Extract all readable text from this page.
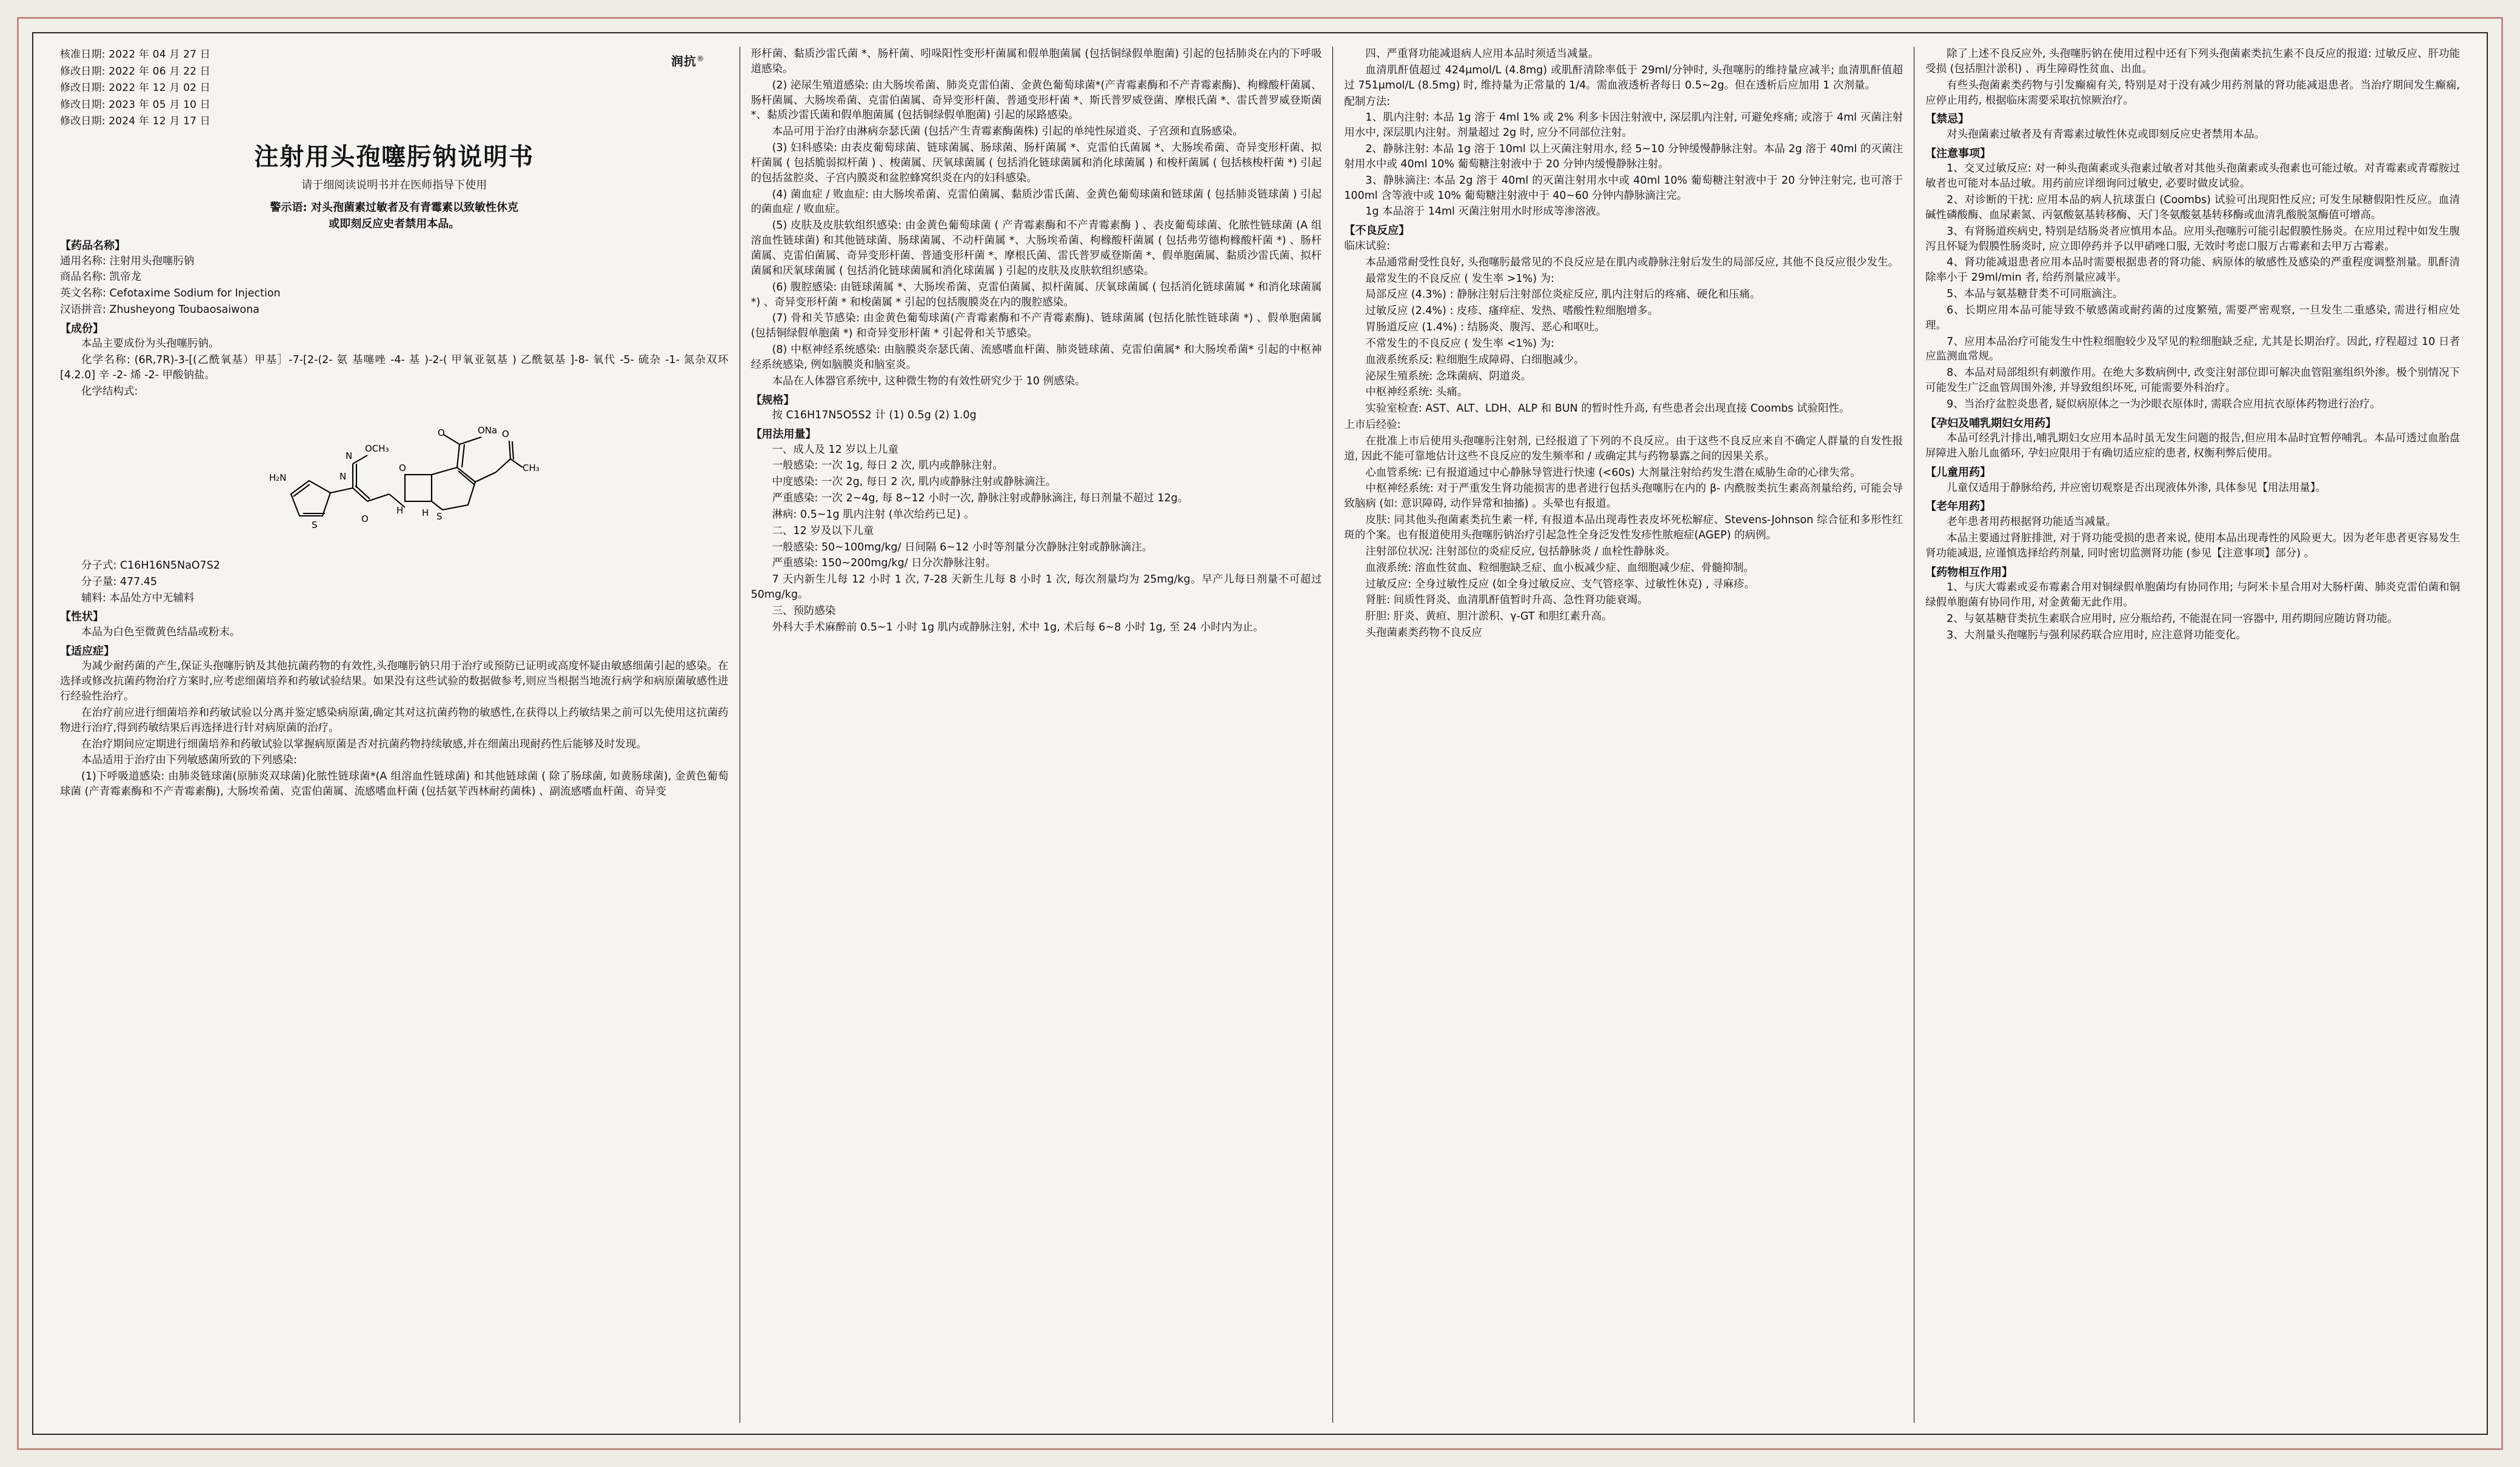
核准日期: 2022 年 04 月 27 日
修改日期: 2022 年 06 月 22 日
修改日期: 2022 年 12 月 02 日
修改日期: 2023 年 05 月 10 日
修改日期: 2024 年 12 月 17 日
润抗®
注射用头孢噻肟钠说明书
请于细阅读说明书并在医师指导下使用
警示语: 对头孢菌素过敏者及有青霉素以致敏性休克
或即刻反应史者禁用本品。
【药品名称】

通用名称: 注射用头孢噻肟钠

商品名称: 凯帝龙

英文名称: Cefotaxime Sodium for Injection

汉语拼音: Zhusheyong Toubaosaiwona

【成份】

本品主要成份为头孢噻肟钠。

化学名称: (6R,7R)-3-[(乙酰氧基）甲基］-7-[2-(2- 氨 基噻唑 -4- 基 )-2-( 甲氧亚氨基 ) 乙酰氨基 ]-8- 氧代 -5- 硫杂 -1- 氮杂双环 [4.2.0] 辛 -2- 烯 -2- 甲酸钠盐。

化学结构式:

H₂N
S
N
O
N
OCH₃
H H
O
S
O	ONa O
CH₃

分子式: C16H16N5NaO7S2

分子量: 477.45

辅料: 本品处方中无辅料

【性状】

本品为白色至微黄色结晶或粉末。

【适应症】

为减少耐药菌的产生,保证头孢噻肟钠及其他抗菌药物的有效性,头孢噻肟钠只用于治疗或预防已证明或高度怀疑由敏感细菌引起的感染。在选择或修改抗菌药物治疗方案时,应考虑细菌培养和药敏试验结果。如果没有这些试验的数据做参考,则应当根据当地流行病学和病原菌敏感性进行经验性治疗。

在治疗前应进行细菌培养和药敏试验以分离并鉴定感染病原菌,确定其对这抗菌药物的敏感性,在获得以上药敏结果之前可以先使用这抗菌药物进行治疗,得到药敏结果后再选择进行针对病原菌的治疗。

在治疗期间应定期进行细菌培养和药敏试验以掌握病原菌是否对抗菌药物持续敏感,并在细菌出现耐药性后能够及时发现。

本品适用于治疗由下列敏感菌所致的下列感染:

(1)下呼吸道感染: 由肺炎链球菌(原肺炎双球菌)化脓性链球菌*(A 组溶血性链球菌) 和其他链球菌 ( 除了肠球菌, 如黄肠球菌), 金黄色葡萄球菌 (产青霉素酶和不产青霉素酶), 大肠埃希菌、克雷伯菌属、流感嗜血杆菌 (包括氨苄西林耐药菌株) 、副流感嗜血杆菌、奇异变

形杆菌、黏质沙雷氏菌 *、肠杆菌、吲哚阳性变形杆菌属和假单胞菌属 (包括铜绿假单胞菌) 引起的包括肺炎在内的下呼吸道感染。

(2) 泌尿生殖道感染: 由大肠埃希菌、肺炎克雷伯菌、金黄色葡萄球菌*(产青霉素酶和不产青霉素酶)、枸橼酸杆菌属、肠杆菌属、大肠埃希菌、克雷伯菌属、奇异变形杆菌、普通变形杆菌 *、斯氏普罗威登菌、摩根氏菌 *、雷氏普罗威登斯菌 *、黏质沙雷氏菌和假单胞菌属 (包括铜绿假单胞菌) 引起的尿路感染。

本品可用于治疗由淋病奈瑟氏菌 (包括产生青霉素酶菌株) 引起的单纯性尿道炎、子宫颈和直肠感染。

(3) 妇科感染: 由表皮葡萄球菌、链球菌属、肠球菌、肠杆菌属 *、克雷伯氏菌属 *、大肠埃希菌、奇异变形杆菌、拟杆菌属 ( 包括脆弱拟杆菌 ) 、梭菌属、厌氧球菌属 ( 包括消化链球菌属和消化球菌属 ) 和梭杆菌属 ( 包括核梭杆菌 *) 引起的包括盆腔炎、子宫内膜炎和盆腔蜂窝织炎在内的妇科感染。

(4) 菌血症 / 败血症: 由大肠埃希菌、克雷伯菌属、黏质沙雷氏菌、金黄色葡萄球菌和链球菌 ( 包括肺炎链球菌 ) 引起的菌血症 / 败血症。

(5) 皮肤及皮肤软组织感染: 由金黄色葡萄球菌 ( 产青霉素酶和不产青霉素酶 ) 、表皮葡萄球菌、化脓性链球菌 (A 组溶血性链球菌) 和其他链球菌、肠球菌属、不动杆菌属 *、大肠埃希菌、枸橼酸杆菌属 ( 包括弗劳德枸橼酸杆菌 *) 、肠杆菌属、克雷伯菌属、奇异变形杆菌、普通变形杆菌 *、摩根氏菌、雷氏普罗威登斯菌 *、假单胞菌属、黏质沙雷氏菌、拟杆菌属和厌氧球菌属 ( 包括消化链球菌属和消化球菌属 ) 引起的皮肤及皮肤软组织感染。

(6) 腹腔感染: 由链球菌属 *、大肠埃希菌、克雷伯菌属、拟杆菌属、厌氧球菌属 ( 包括消化链球菌属 * 和消化球菌属 *) 、奇异变形杆菌 * 和梭菌属 * 引起的包括腹膜炎在内的腹腔感染。

(7) 骨和关节感染: 由金黄色葡萄球菌(产青霉素酶和不产青霉素酶)、链球菌属 (包括化脓性链球菌 *) 、假单胞菌属 (包括铜绿假单胞菌 *) 和奇异变形杆菌 * 引起骨和关节感染。

(8) 中枢神经系统感染: 由脑膜炎奈瑟氏菌、流感嗜血杆菌、肺炎链球菌、克雷伯菌属* 和大肠埃希菌* 引起的中枢神经系统感染, 例如脑膜炎和脑室炎。

本品在人体器官系统中, 这种微生物的有效性研究少于 10 例感染。

【规格】

按 C16H17N5O5S2 计 (1) 0.5g (2) 1.0g

【用法用量】

一、成人及 12 岁以上儿童

一般感染: 一次 1g, 每日 2 次, 肌内或静脉注射。

中度感染: 一次 2g, 每日 2 次, 肌内或静脉注射或静脉滴注。

严重感染: 一次 2~4g, 每 8~12 小时一次, 静脉注射或静脉滴注, 每日剂量不超过 12g。

淋病: 0.5~1g 肌内注射 (单次给药已足) 。

二、12 岁及以下儿童

一般感染: 50~100mg/kg/ 日间隔 6~12 小时等剂量分次静脉注射或静脉滴注。

严重感染: 150~200mg/kg/ 日分次静脉注射。

7 天内新生儿每 12 小时 1 次, 7-28 天新生儿每 8 小时 1 次, 每次剂量均为 25mg/kg。早产儿每日剂量不可超过 50mg/kg。

三、预防感染

外科大手术麻醉前 0.5~1 小时 1g 肌内或静脉注射, 术中 1g, 术后每 6~8 小时 1g, 至 24 小时内为止。

四、严重肾功能减退病人应用本品时须适当减量。

血清肌酐值超过 424μmol/L (4.8mg) 或肌酐清除率低于 29ml/分钟时, 头孢噻肟的维持量应减半; 血清肌酐值超过 751μmol/L (8.5mg) 时, 维持量为正常量的 1/4。需血液透析者每日 0.5~2g。但在透析后应加用 1 次剂量。

配制方法:

1、肌内注射: 本品 1g 溶于 4ml 1% 或 2% 利多卡因注射液中, 深层肌内注射, 可避免疼痛; 或溶于 4ml 灭菌注射用水中, 深层肌内注射。剂量超过 2g 时, 应分不同部位注射。

2、静脉注射: 本品 1g 溶于 10ml 以上灭菌注射用水, 经 5~10 分钟缓慢静脉注射。本品 2g 溶于 40ml 的灭菌注射用水中或 40ml 10% 葡萄糖注射液中于 20 分钟内缓慢静脉注射。

3、静脉滴注: 本品 2g 溶于 40ml 的灭菌注射用水中或 40ml 10% 葡萄糖注射液中于 20 分钟注射完, 也可溶于 100ml 含等液中或 10% 葡萄糖注射液中于 40~60 分钟内静脉滴注完。

1g 本品溶于 14ml 灭菌注射用水时形成等渗溶液。

【不良反应】

临床试验:

本品通常耐受性良好, 头孢噻肟最常见的不良反应是在肌内或静脉注射后发生的局部反应, 其他不良反应很少发生。

最常发生的不良反应 ( 发生率 >1%) 为:

局部反应 (4.3%) : 静脉注射后注射部位炎症反应, 肌内注射后的疼痛、硬化和压痛。

过敏反应 (2.4%) : 皮疹、瘙痒症、发热、嗜酸性粒细胞增多。

胃肠道反应 (1.4%) : 结肠炎、腹泻、恶心和呕吐。

不常发生的不良反应 ( 发生率 <1%) 为:

血液系统系反: 粒细胞生成障碍、白细胞减少。

泌尿生殖系统: 念珠菌病、阴道炎。

中枢神经系统: 头痛。

实验室检查: AST、ALT、LDH、ALP 和 BUN 的暂时性升高, 有些患者会出现直接 Coombs 试验阳性。

上市后经验:

在批准上市后使用头孢噻肟注射剂, 已经报道了下列的不良反应。由于这些不良反应来自不确定人群量的自发性报道, 因此不能可靠地估计这些不良反应的发生频率和 / 或确定其与药物暴露之间的因果关系。

心血管系统: 已有报道通过中心静脉导管进行快速 (<60s) 大剂量注射给药发生潜在威胁生命的心律失常。

中枢神经系统: 对于严重发生肾功能损害的患者进行包括头孢噻肟在内的 β- 内酰胺类抗生素高剂量给药, 可能会导致脑病 (如: 意识障碍, 动作异常和抽搐) 。头晕也有报道。

皮肤: 同其他头孢菌素类抗生素一样, 有报道本品出现毒性表皮坏死松解症、Stevens-Johnson 综合征和多形性红斑的个案。也有报道使用头孢噻肟钠治疗引起急性全身泛发性发疹性脓疱症(AGEP) 的病例。

注射部位状况: 注射部位的炎症反应, 包括静脉炎 / 血栓性静脉炎。

血液系统: 溶血性贫血、粒细胞缺乏症、血小板减少症、血细胞减少症、骨髓抑制。

过敏反应: 全身过敏性反应 (如全身过敏反应、支气管痉挛、过敏性休克) , 寻麻疹。

肾脏: 间质性肾炎、血清肌酐值暂时升高、急性肾功能衰竭。

肝胆: 肝炎、黄疸、胆汁淤积、γ-GT 和胆红素升高。

头孢菌素类药物不良反应

除了上述不良反应外, 头孢噻肟钠在使用过程中还有下列头孢菌素类抗生素不良反应的报道: 过敏反应、肝功能受损 (包括胆汁淤积) 、再生障碍性贫血、出血。

有些头孢菌素类药物与引发癫痫有关, 特别是对于没有减少用药剂量的肾功能减退患者。当治疗期间发生癫痫, 应停止用药, 根据临床需要采取抗惊厥治疗。

【禁忌】

对头孢菌素过敏者及有青霉素过敏性休克或即刻反应史者禁用本品。

【注意事项】

1、交叉过敏反应: 对一种头孢菌素或头孢素过敏者对其他头孢菌素或头孢素也可能过敏。对青霉素或青霉胺过敏者也可能对本品过敏。用药前应详细询问过敏史, 必要时做皮试验。

2、对诊断的干扰: 应用本品的病人抗球蛋白 (Coombs) 试验可出现阳性反应; 可发生尿糖假阳性反应。血清碱性磷酸酶、血尿素氮、丙氨酸氨基转移酶、天门冬氨酸氨基转移酶或血清乳酸脱氢酶值可增高。

3、有肾肠道疾病史, 特别是结肠炎者应慎用本品。应用头孢噻肟可能引起假膜性肠炎。在应用过程中如发生腹泻且怀疑为假膜性肠炎时, 应立即停药并予以甲硝唑口服, 无效时考虑口服万古霉素和去甲万古霉素。

4、肾功能减退患者应用本品时需要根据患者的肾功能、病原体的敏感性及感染的严重程度调整剂量。肌酐清除率小于 29ml/min 者, 给药剂量应减半。

5、本品与氨基糖苷类不可同瓶滴注。

6、长期应用本品可能导致不敏感菌或耐药菌的过度繁殖, 需要严密观察, 一旦发生二重感染, 需进行相应处理。

7、应用本品治疗可能发生中性粒细胞较少及罕见的粒细胞缺乏症, 尤其是长期治疗。因此, 疗程超过 10 日者应监测血常规。

8、本品对局部组织有刺激作用。在绝大多数病例中, 改变注射部位即可解决血管阻塞组织外渗。极个别情况下可能发生广泛血管周围外渗, 并导致组织坏死, 可能需要外科治疗。

9、当治疗盆腔炎患者, 疑似病原体之一为沙眼衣原体时, 需联合应用抗衣原体药物进行治疗。

【孕妇及哺乳期妇女用药】

本品可经乳汁排出,哺乳期妇女应用本品时虽无发生问题的报告,但应用本品时宜暂停哺乳。本品可透过血胎盘屏障进入胎儿血循环, 孕妇应限用于有确切适应症的患者, 权衡利弊后使用。

【儿童用药】

儿童仅适用于静脉给药, 并应密切观察是否出现液体外渗, 具体参见【用法用量】。

【老年用药】

老年患者用药根据肾功能适当减量。

本品主要通过肾脏排泄, 对于肾功能受损的患者来说, 使用本品出现毒性的风险更大。因为老年患者更容易发生肾功能减退, 应谨慎选择给药剂量, 同时密切监测肾功能 (参见【注意事项】部分) 。

【药物相互作用】

1、与庆大霉素或妥布霉素合用对铜绿假单胞菌均有协同作用; 与阿米卡星合用对大肠杆菌、肺炎克雷伯菌和铜绿假单胞菌有协同作用, 对金黄葡无此作用。

2、与氨基糖苷类抗生素联合应用时, 应分瓶给药, 不能混在同一容器中, 用药期间应随访肾功能。

3、大剂量头孢噻肟与强利尿药联合应用时, 应注意肾功能变化。
